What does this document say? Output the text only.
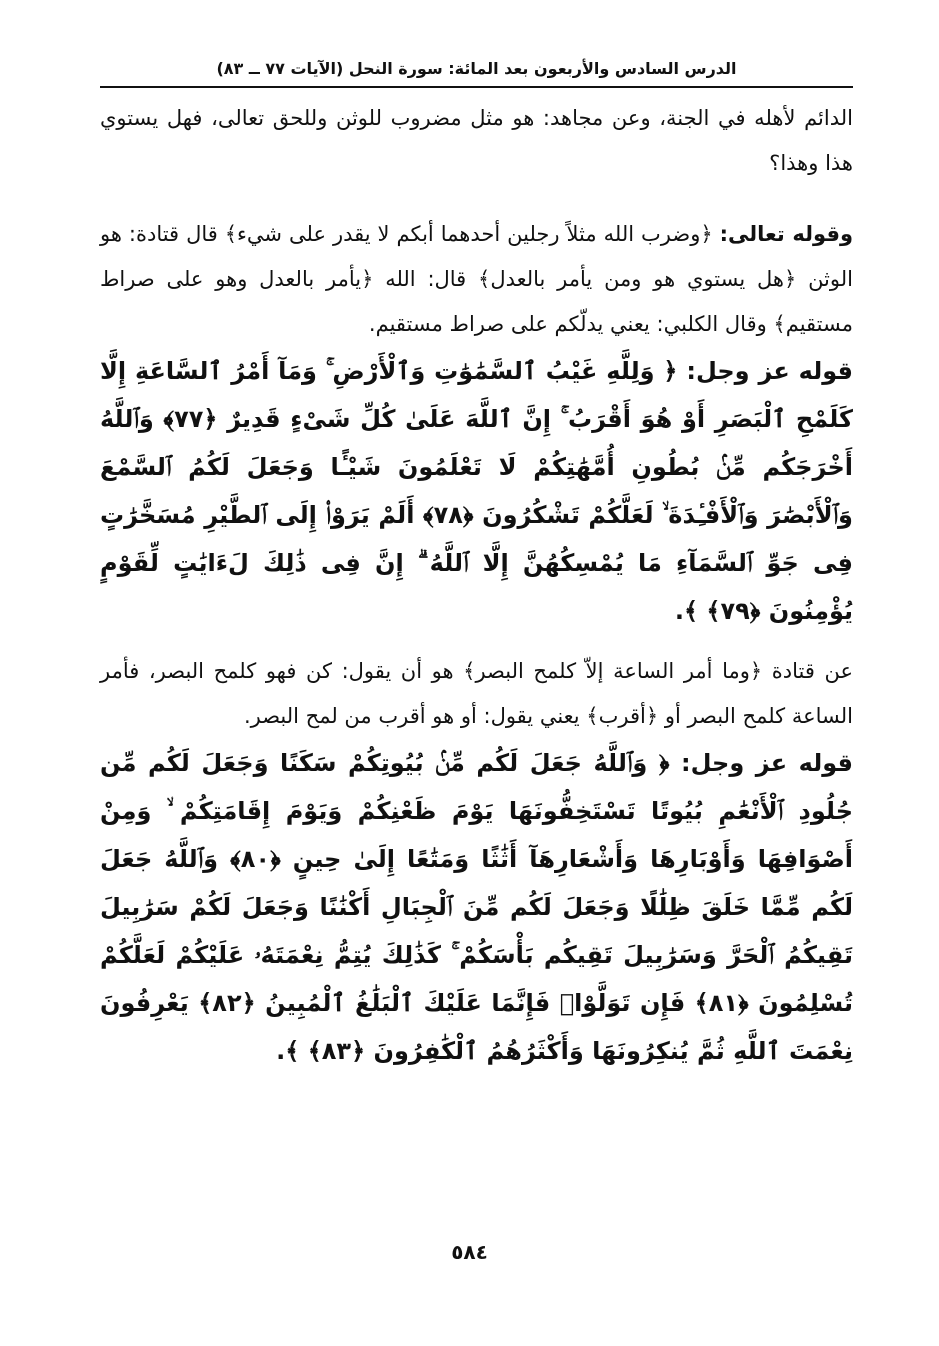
الدرس السادس والأربعون بعد المائة: سورة النحل (الآيات ٧٧ ــ ٨٣)

الدائم لأهله في الجنة، وعن مجاهد: هو مثل مضروب للوثن وللحق تعالى، فهل يستوي هذا وهذا؟

وقوله تعالى: ﴿وضرب الله مثلاً رجلين أحدهما أبكم لا يقدر على شيء﴾ قال قتادة: هو الوثن ﴿هل يستوي هو ومن يأمر بالعدل﴾ قال: الله ﴿يأمر بالعدل وهو على صراط مستقيم﴾ وقال الكلبي: يعني يدلّكم على صراط مستقيم.

قوله عز وجل: ﴿ وَلِلَّهِ غَيْبُ ٱلسَّمَٰوَٰتِ وَٱلْأَرْضِ ۚ وَمَآ أَمْرُ ٱلسَّاعَةِ إِلَّا كَلَمْحِ ٱلْبَصَرِ أَوْ هُوَ أَقْرَبُ ۚ إِنَّ ٱللَّهَ عَلَىٰ كُلِّ شَىْءٍ قَدِيرٌ ﴿٧٧﴾ وَٱللَّهُ أَخْرَجَكُم مِّنۢ بُطُونِ أُمَّهَٰتِكُمْ لَا تَعْلَمُونَ شَيْـًٔا وَجَعَلَ لَكُمُ ٱلسَّمْعَ وَٱلْأَبْصَٰرَ وَٱلْأَفْـِٔدَةَ ۙ لَعَلَّكُمْ تَشْكُرُونَ ﴿٧٨﴾ أَلَمْ يَرَوْا۟ إِلَى ٱلطَّيْرِ مُسَخَّرَٰتٍ فِى جَوِّ ٱلسَّمَآءِ مَا يُمْسِكُهُنَّ إِلَّا ٱللَّهُ ۗ إِنَّ فِى ذَٰلِكَ لَءَايَٰتٍ لِّقَوْمٍ يُؤْمِنُونَ ﴿٧٩﴾ ﴾.

عن قتادة ﴿وما أمر الساعة إلاّ كلمح البصر﴾ هو أن يقول: كن فهو كلمح البصر، فأمر الساعة كلمح البصر أو ﴿أقرب﴾ يعني يقول: أو هو أقرب من لمح البصر.

قوله عز وجل: ﴿ وَٱللَّهُ جَعَلَ لَكُم مِّنۢ بُيُوتِكُمْ سَكَنًا وَجَعَلَ لَكُم مِّن جُلُودِ ٱلْأَنْعَٰمِ بُيُوتًا تَسْتَخِفُّونَهَا يَوْمَ ظَعْنِكُمْ وَيَوْمَ إِقَامَتِكُمْ ۙ وَمِنْ أَصْوَافِهَا وَأَوْبَارِهَا وَأَشْعَارِهَآ أَثَٰثًا وَمَتَٰعًا إِلَىٰ حِينٍ ﴿٨٠﴾ وَٱللَّهُ جَعَلَ لَكُم مِّمَّا خَلَقَ ظِلَٰلًا وَجَعَلَ لَكُم مِّنَ ٱلْجِبَالِ أَكْنَٰنًا وَجَعَلَ لَكُمْ سَرَٰبِيلَ تَقِيكُمُ ٱلْحَرَّ وَسَرَٰبِيلَ تَقِيكُم بَأْسَكُمْ ۚ كَذَٰلِكَ يُتِمُّ نِعْمَتَهُۥ عَلَيْكُمْ لَعَلَّكُمْ تُسْلِمُونَ ﴿٨١﴾ فَإِن تَوَلَّوْا۟ فَإِنَّمَا عَلَيْكَ ٱلْبَلَٰغُ ٱلْمُبِينُ ﴿٨٢﴾ يَعْرِفُونَ نِعْمَتَ ٱللَّهِ ثُمَّ يُنكِرُونَهَا وَأَكْثَرُهُمُ ٱلْكَٰفِرُونَ ﴿٨٣﴾ ﴾.

٥٨٤
